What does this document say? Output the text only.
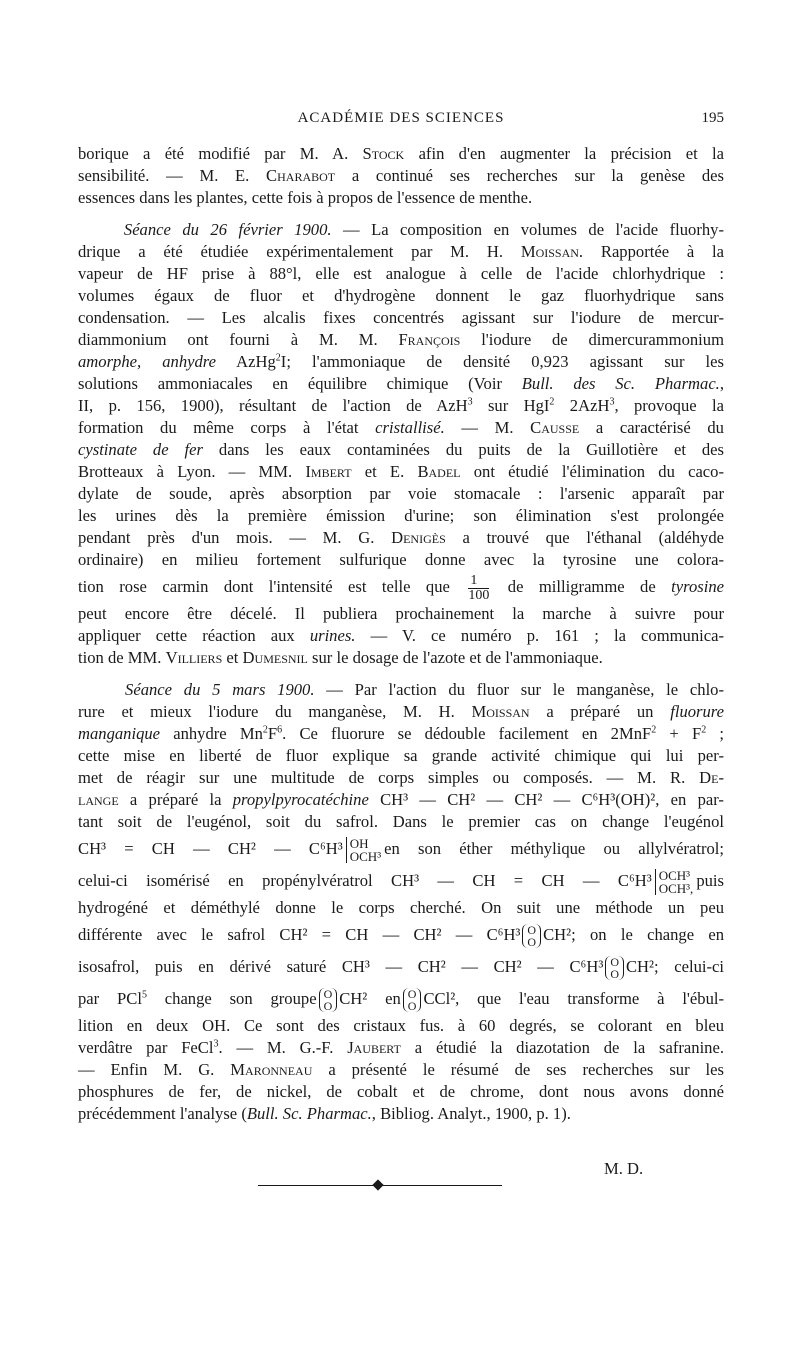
ACADÉMIE DES SCIENCES	195
borique a été modifié par M. A. Stock afin d'en augmenter la précision et la
sensibilité. — M. E. Charabot a continué ses recherches sur la genèse des
essences dans les plantes, cette fois à propos de l'essence de menthe.
Séance du 26 février 1900. — La composition en volumes de l'acide fluorhy-
drique a été étudiée expérimentalement par M. H. Moissan. Rapportée à la
vapeur de HF prise à 88°l, elle est analogue à celle de l'acide chlorhydrique :
volumes égaux de fluor et d'hydrogène donnent le gaz fluorhydrique sans
condensation. — Les alcalis fixes concentrés agissant sur l'iodure de mercur-
diammonium ont fourni à M. M. François l'iodure de dimercurammonium
amorphe, anhydre AzHg$^2$I; l'ammoniaque de densité 0,923 agissant sur les
solutions ammoniacales en équilibre chimique (Voir Bull. des Sc. Pharmac.,
II, p. 156, 1900), résultant de l'action de AzH$^3$ sur HgI$^2$ 2AzH$^3$, provoque la
formation du même corps à l'état cristallisé. — M. Causse a caractérisé du
cystinate de fer dans les eaux contaminées du puits de la Guillotière et des
Brotteaux à Lyon. — MM. Imbert et E. Badel ont étudié l'élimination du caco-
dylate de soude, après absorption par voie stomacale : l'arsenic apparaît par
les urines dès la première émission d'urine; son élimination s'est prolongée
pendant près d'un mois. — M. G. Denigès a trouvé que l'éthanal (aldéhyde
ordinaire) en milieu fortement sulfurique donne avec la tyrosine une colora-
tion rose carmin dont l'intensité est telle que $\frac{1}{100}$ de milligramme de tyrosine
peut encore être décelé. Il publiera prochainement la marche à suivre pour
appliquer cette réaction aux urines. — V. ce numéro p. 161 ; la communica-
tion de MM. Villiers et Dumesnil sur le dosage de l'azote et de l'ammoniaque.
Séance du 5 mars 1900. — Par l'action du fluor sur le manganèse, le chlo-
rure et mieux l'iodure du manganèse, M. H. Moissan a préparé un fluorure
manganique anhydre $Mn^2F^6$. Ce fluorure se dédouble facilement en $2MnF^2 + F^2$ ;
cette mise en liberté de fluor explique sa grande activité chimique qui lui per-
met de réagir sur une multitude de corps simples ou composés. — M. R. De-
lange a préparé la propylpyrocatéchine CH³ — CH² — CH² — C⁶H³(OH)², en par-
tant soit de l'eugénol, soit du safrol. Dans le premier cas on change l'eugénol
CH³ = CH — CH² — C⁶H³ OH
OCH³ en son éther méthylique ou allylvératrol;
celui-ci isomérisé en propénylvératrol CH³ — CH = CH — C⁶H³ OCH³
OCH³, puis
hydrogéné et déméthylé donne le corps cherché. On suit une méthode un peu
différente avec le safrol CH² = CH — CH² — C⁶H³ O
O CH²; on le change en
isosafrol, puis en dérivé saturé CH³ — CH² — CH² — C⁶H³ O
O CH²; celui-ci
par PCl$^5$ change son groupe O
O CH² en O
O CCl², que l'eau transforme à l'ébul-
lition en deux OH. Ce sont des cristaux fus. à 60 degrés, se colorant en bleu
verdâtre par FeCl$^3$. — M. G.-F. Jaubert a étudié la diazotation de la safranine.
— Enfin M. G. Maronneau a présenté le résumé de ses recherches sur les
phosphures de fer, de nickel, de cobalt et de chrome, dont nous avons donné
précédemment l'analyse (Bull. Sc. Pharmac., Bibliog. Analyt., 1900, p. 1).
M. D.
